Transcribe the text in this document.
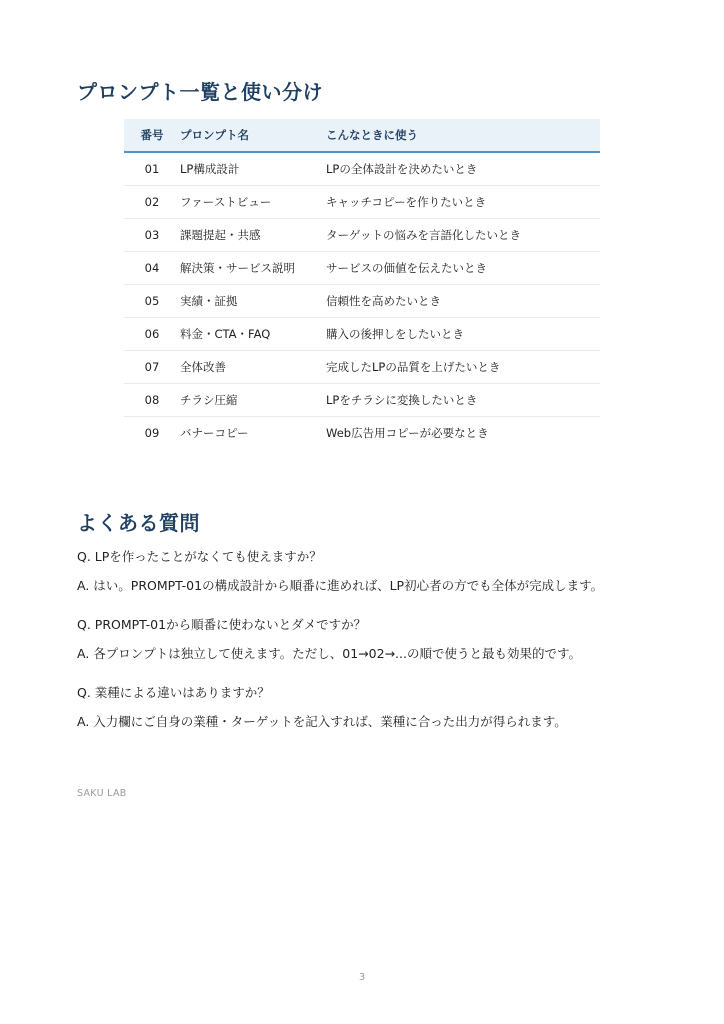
プロンプト一覧と使い分け
番号	プロンプト名	こんなときに使う
01	LP構成設計	LPの全体設計を決めたいとき
02	ファーストビュー	キャッチコピーを作りたいとき
03	課題提起・共感	ターゲットの悩みを言語化したいとき
04	解決策・サービス説明	サービスの価値を伝えたいとき
05	実績・証拠	信頼性を高めたいとき
06	料金・CTA・FAQ	購入の後押しをしたいとき
07	全体改善	完成したLPの品質を上げたいとき
08	チラシ圧縮	LPをチラシに変換したいとき
09	バナーコピー	Web広告用コピーが必要なとき
よくある質問

Q. LPを作ったことがなくても使えますか？

A. はい。PROMPT-01の構成設計から順番に進めれば、LP初心者の方でも全体が完成します。

Q. PROMPT-01から順番に使わないとダメですか？

A. 各プロンプトは独立して使えます。ただし、01→02→...の順で使うと最も効果的です。

Q. 業種による違いはありますか？

A. 入力欄にご自身の業種・ターゲットを記入すれば、業種に合った出力が得られます。

SAKU LAB
3
